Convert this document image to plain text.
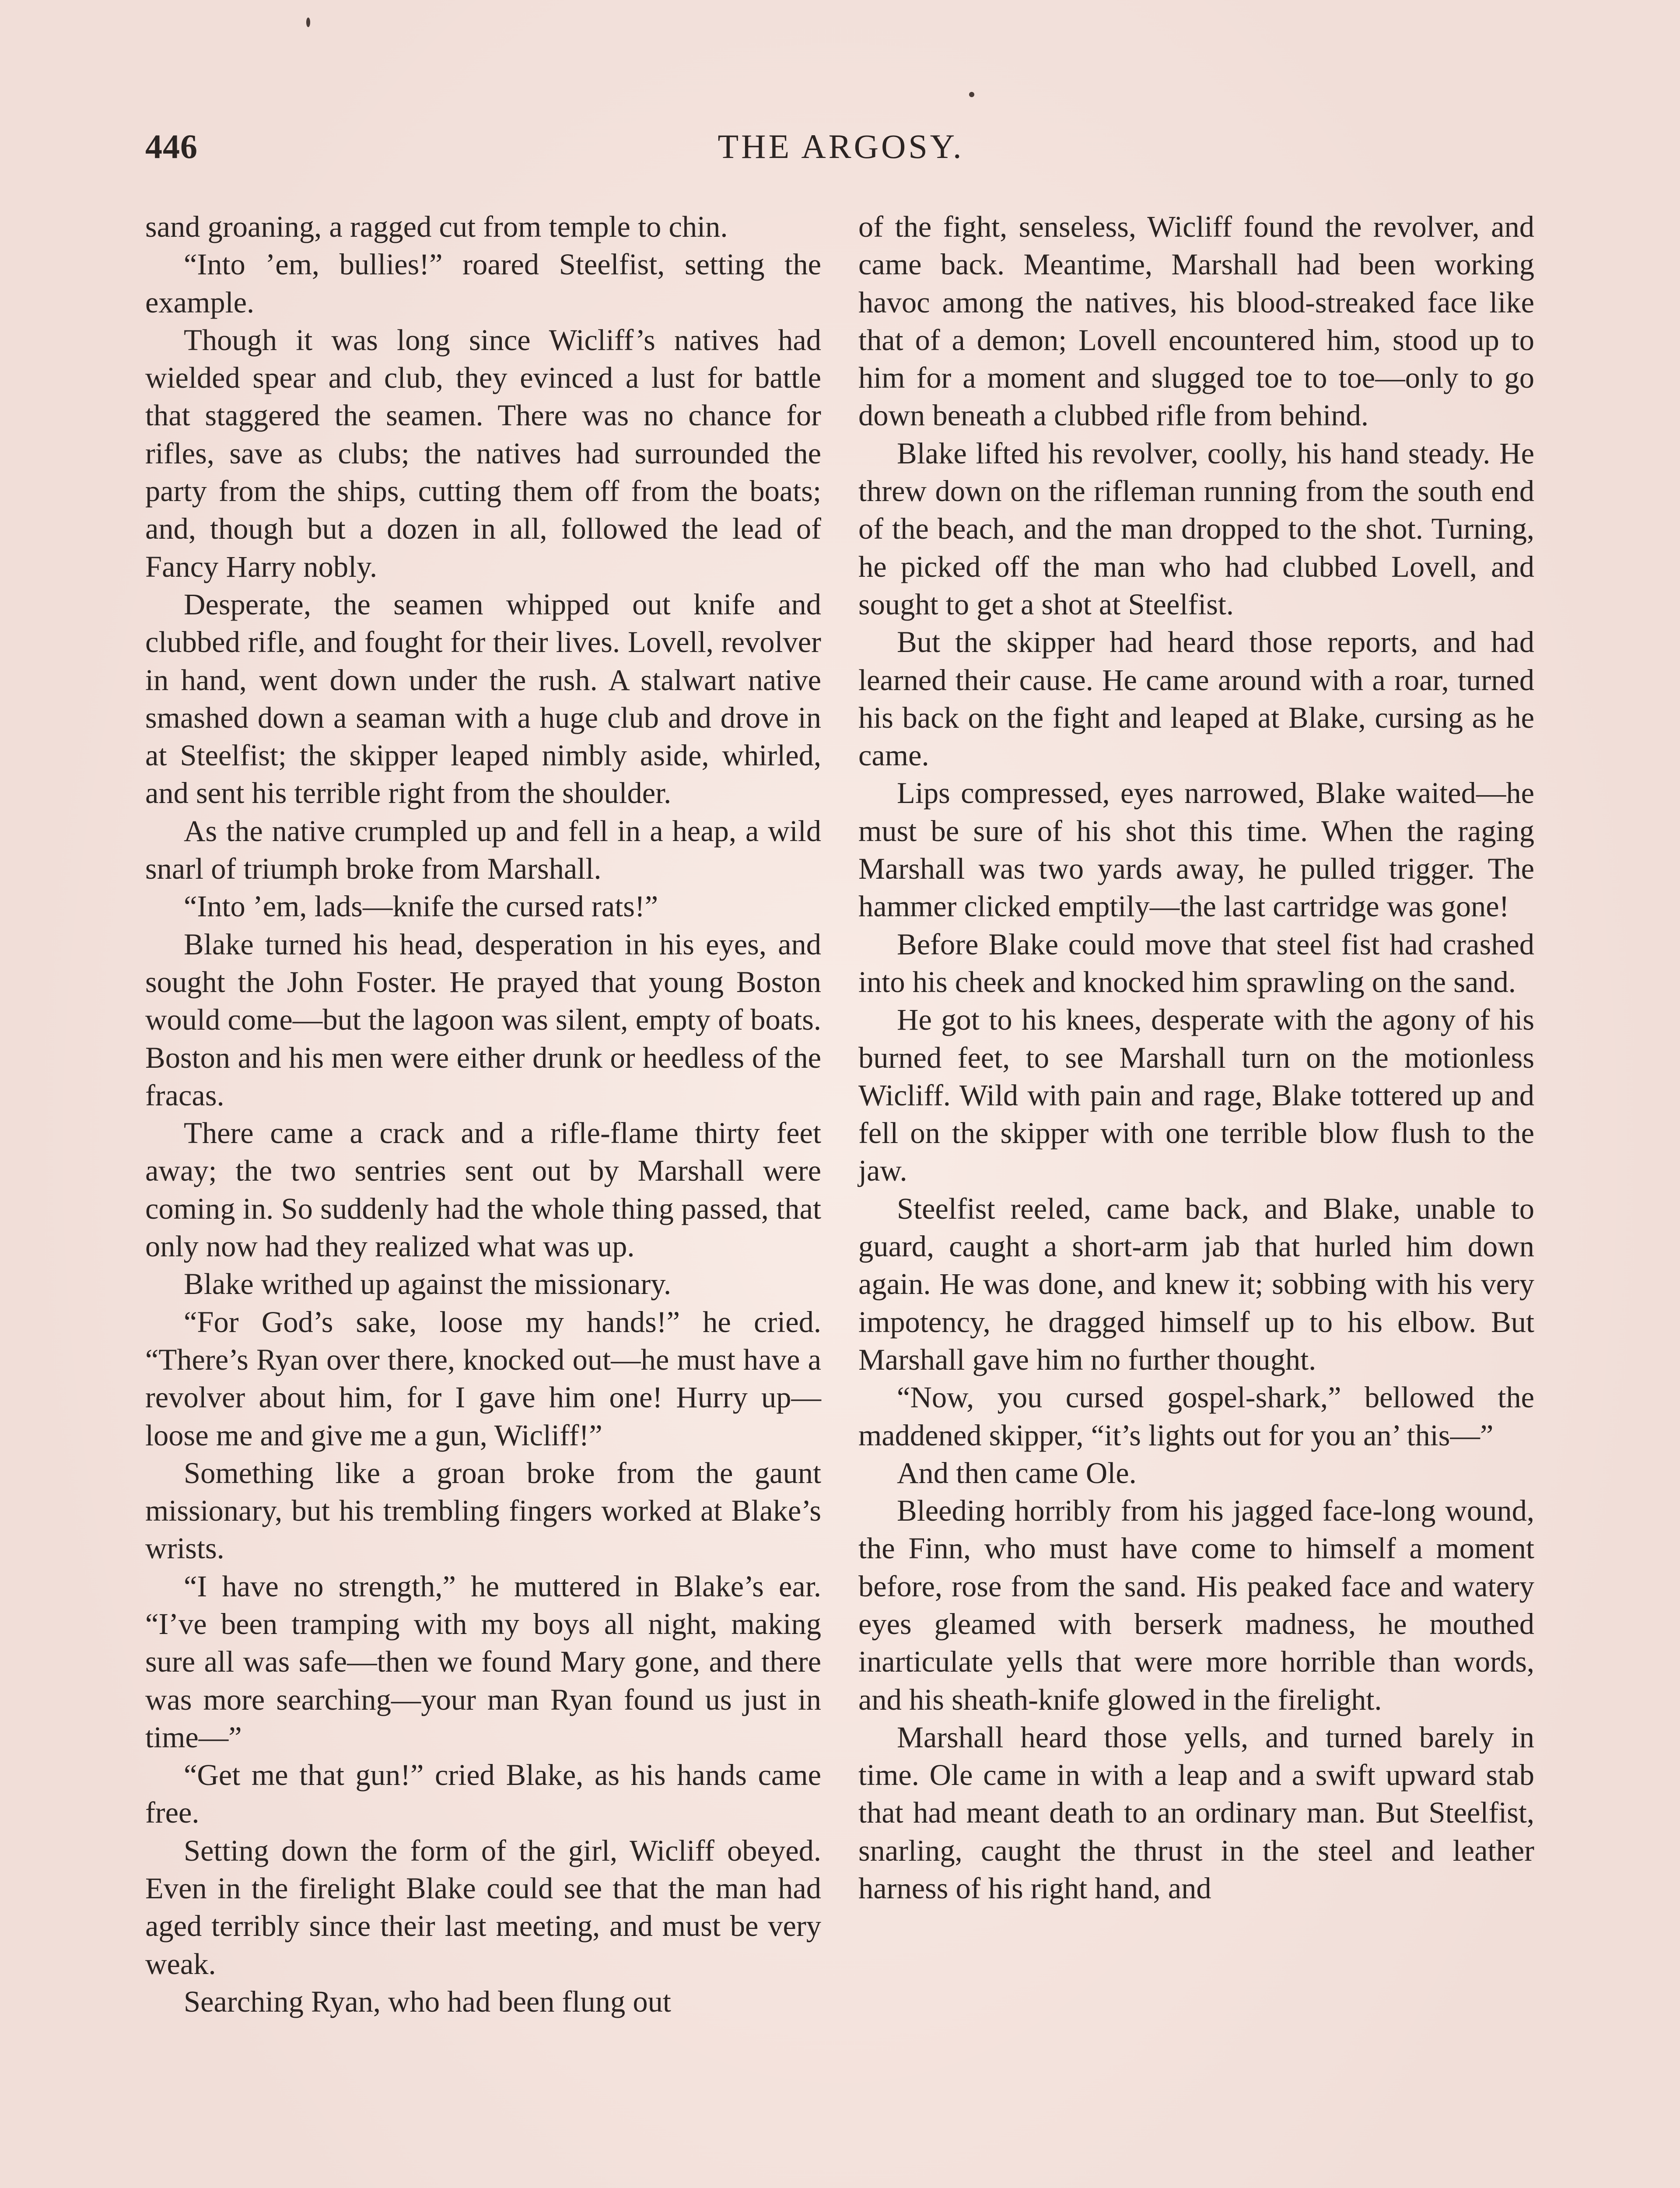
446	THE ARGOSY.

sand groaning, a ragged cut from temple to chin.

“Into ’em, bullies!” roared Steelfist, setting the example.

Though it was long since Wicliff’s natives had wielded spear and club, they evinced a lust for battle that staggered the seamen. There was no chance for rifles, save as clubs; the natives had surrounded the party from the ships, cutting them off from the boats; and, though but a dozen in all, followed the lead of Fancy Harry nobly.

Desperate, the seamen whipped out knife and clubbed rifle, and fought for their lives. Lovell, revolver in hand, went down under the rush. A stalwart native smashed down a seaman with a huge club and drove in at Steelfist; the skipper leaped nimbly aside, whirled, and sent his terrible right from the shoulder.

As the native crumpled up and fell in a heap, a wild snarl of triumph broke from Marshall.

“Into ’em, lads—knife the cursed rats!”

Blake turned his head, desperation in his eyes, and sought the John Foster. He prayed that young Boston would come—but the lagoon was silent, empty of boats. Boston and his men were either drunk or heedless of the fracas.

There came a crack and a rifle-flame thirty feet away; the two sentries sent out by Marshall were coming in. So suddenly had the whole thing passed, that only now had they realized what was up.

Blake writhed up against the missionary.

“For God’s sake, loose my hands!” he cried. “There’s Ryan over there, knocked out—he must have a revolver about him, for I gave him one! Hurry up—loose me and give me a gun, Wicliff!”

Something like a groan broke from the gaunt missionary, but his trembling fingers worked at Blake’s wrists.

“I have no strength,” he muttered in Blake’s ear. “I’ve been tramping with my boys all night, making sure all was safe—then we found Mary gone, and there was more searching—your man Ryan found us just in time—”

“Get me that gun!” cried Blake, as his hands came free.

Setting down the form of the girl, Wicliff obeyed. Even in the firelight Blake could see that the man had aged terribly since their last meeting, and must be very weak.

Searching Ryan, who had been flung out

of the fight, senseless, Wicliff found the revolver, and came back. Meantime, Marshall had been working havoc among the natives, his blood-streaked face like that of a demon; Lovell encountered him, stood up to him for a moment and slugged toe to toe—only to go down beneath a clubbed rifle from behind.

Blake lifted his revolver, coolly, his hand steady. He threw down on the rifleman running from the south end of the beach, and the man dropped to the shot. Turning, he picked off the man who had clubbed Lovell, and sought to get a shot at Steelfist.

But the skipper had heard those reports, and had learned their cause. He came around with a roar, turned his back on the fight and leaped at Blake, cursing as he came.

Lips compressed, eyes narrowed, Blake waited—he must be sure of his shot this time. When the raging Marshall was two yards away, he pulled trigger. The hammer clicked emptily—the last cartridge was gone!

Before Blake could move that steel fist had crashed into his cheek and knocked him sprawling on the sand.

He got to his knees, desperate with the agony of his burned feet, to see Marshall turn on the motionless Wicliff. Wild with pain and rage, Blake tottered up and fell on the skipper with one terrible blow flush to the jaw.

Steelfist reeled, came back, and Blake, unable to guard, caught a short-arm jab that hurled him down again. He was done, and knew it; sobbing with his very impotency, he dragged himself up to his elbow. But Marshall gave him no further thought.

“Now, you cursed gospel-shark,” bellowed the maddened skipper, “it’s lights out for you an’ this—”

And then came Ole.

Bleeding horribly from his jagged face-long wound, the Finn, who must have come to himself a moment before, rose from the sand. His peaked face and watery eyes gleamed with berserk madness, he mouthed inarticulate yells that were more horrible than words, and his sheath-knife glowed in the firelight.

Marshall heard those yells, and turned barely in time. Ole came in with a leap and a swift upward stab that had meant death to an ordinary man. But Steelfist, snarling, caught the thrust in the steel and leather harness of his right hand, and
